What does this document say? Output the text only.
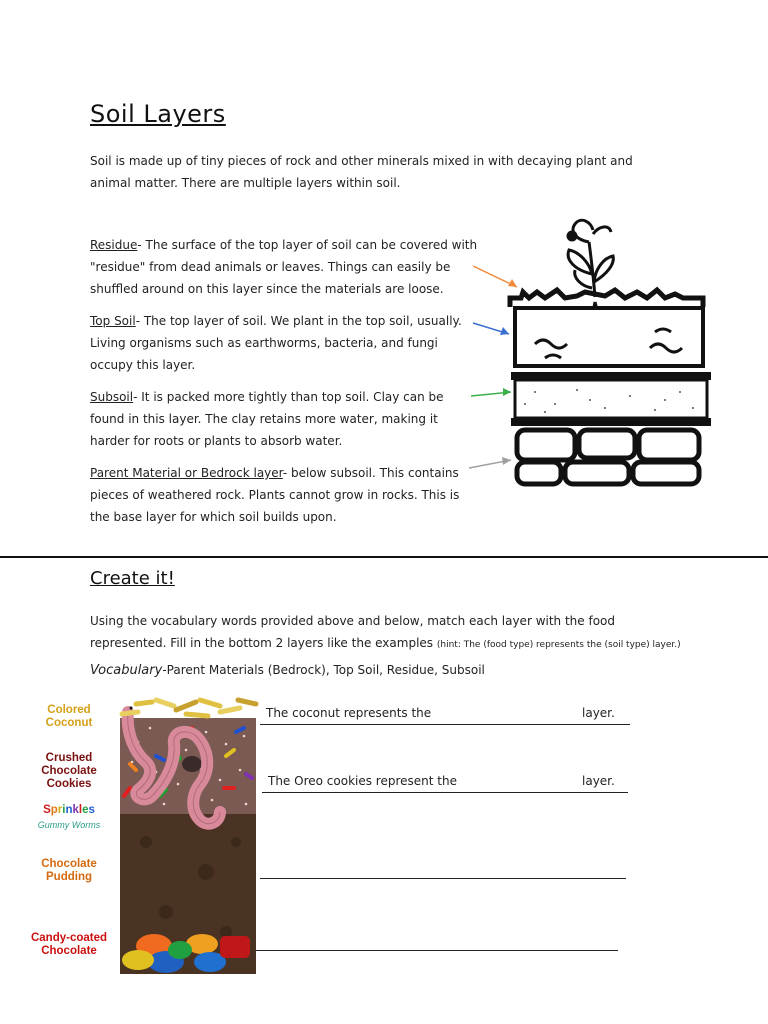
Soil Layers
Soil is made up of tiny pieces of rock and other minerals mixed in with decaying plant and animal matter. There are multiple layers within soil.
Residue- The surface of the top layer of soil can be covered with "residue" from dead animals or leaves. Things can easily be shuffled around on this layer since the materials are loose.
Top Soil- The top layer of soil. We plant in the top soil, usually. Living organisms such as earthworms, bacteria, and fungi occupy this layer.
Subsoil- It is packed more tightly than top soil. Clay can be found in this layer. The clay retains more water, making it harder for roots or plants to absorb water.
Parent Material or Bedrock layer- below subsoil. This contains pieces of weathered rock. Plants cannot grow in rocks. This is the base layer for which soil builds upon.
Create it!
Using the vocabulary words provided above and below, match each layer with the food represented. Fill in the bottom 2 layers like the examples (hint: The (food type) represents the (soil type) layer.)
Vocabulary-Parent Materials (Bedrock), Top Soil, Residue, Subsoil
Colored Coconut
Crushed Chocolate Cookies
Sprinkles
Gummy Worms
Chocolate Pudding
Candy-coated Chocolate
The coconut represents the	layer.
The Oreo cookies represent the	layer.
